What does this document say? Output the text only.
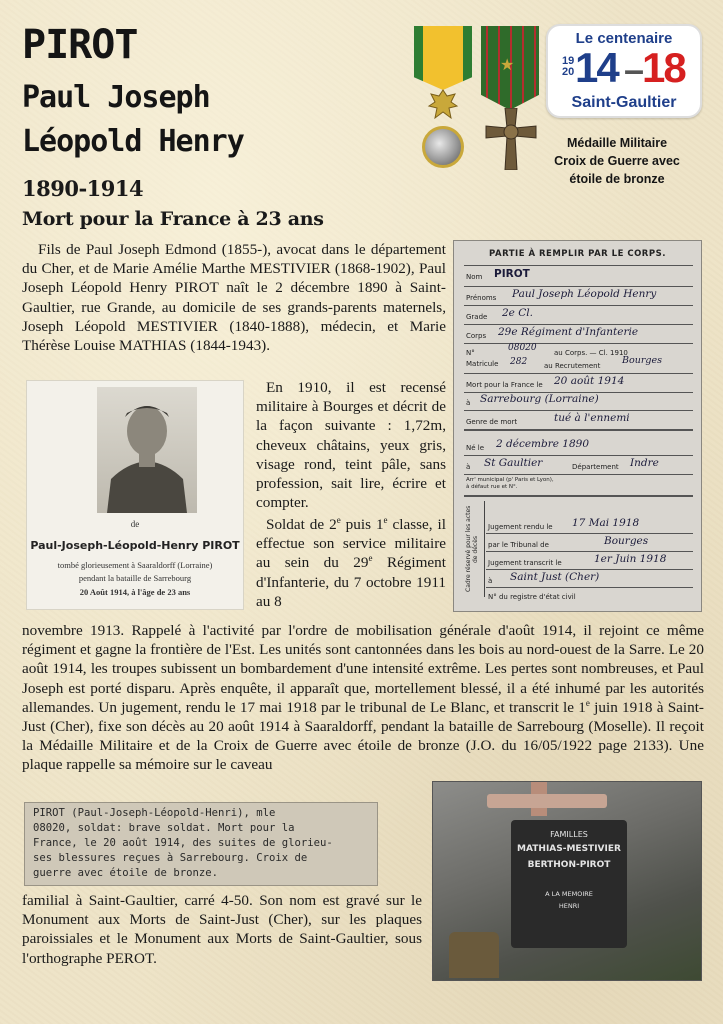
PIROT
Paul Joseph
Léopold Henry
1890-1914
Mort pour la France à 23 ans
★
Le centenaire
19
20 14 –
18
Saint-Gaultier
Médaille Militaire
Croix de Guerre avec
étoile de bronze

Fils de Paul Joseph Edmond (1855-), avocat dans le département du Cher, et de Marie Amélie Marthe MESTIVIER (1868-1902), Paul Joseph Léopold Henry PIROT naît le 2 décembre 1890 à Saint-Gaultier, rue Grande, au domicile de ses grands-parents maternels, Joseph Léopold MESTIVIER (1840-1888), médecin, et Marie Thérèse Louise MATHIAS (1844-1943).

de
Paul-Joseph-Léopold-Henry PIROT
tombé glorieusement à Saaraldorff (Lorraine)
pendant la bataille de Sarrebourg
20 Août 1914, à l'âge de 23 ans
PARTIE À REMPLIR PAR LE CORPS.
Nom PIROT
Prénoms Paul Joseph Léopold Henry
Grade 2e Cl.
Corps 29e Régiment d'Infanterie
N°
Matricule
08020 au Corps. — Cl. 1910
282 au Recrutement Bourges
Mort pour la France le 20 août 1914
à Sarrebourg (Lorraine)
Genre de mort	tué à l'ennemi
Né le 2 décembre 1890
à St Gaultier	Département Indre
Arr' municipal (p' Paris et Lyon), à défaut rue et N°.
Cadre réservé pour les actes de décès
Jugement rendu le 17 Mai 1918
par le Tribunal de	Bourges
Jugement transcrit le	1er Juin 1918
à Saint Just (Cher)
N° du registre d'état civil

En 1910, il est recensé militaire à Bourges et décrit de la façon suivante : 1,72m, cheveux châtains, yeux gris, visage rond, teint pâle, sans profession, sait lire, écrire et compter.

Soldat de 2e puis 1e classe, il effectue son service militaire au sein du 29e Régiment d'Infanterie, du 7 octobre 1911 au 8

novembre 1913. Rappelé à l'activité par l'ordre de mobilisation générale d'août 1914, il rejoint ce même régiment et gagne la frontière de l'Est. Les unités sont cantonnées dans les bois au nord-ouest de la Sarre. Le 20 août 1914, les troupes subissent un bombardement d'une intensité extrême. Les pertes sont nombreuses, et Paul Joseph est porté disparu. Après enquête, il apparaît que, mortellement blessé, il a été inhumé par les autorités allemandes. Un jugement, rendu le 17 mai 1918 par le tribunal de Le Blanc, et transcrit le 1e juin 1918 à Saint-Just (Cher), fixe son décès au 20 août 1914 à Saaraldorff, pendant la bataille de Sarrebourg (Moselle). Il reçoit la Médaille Militaire et de la Croix de Guerre avec étoile de bronze (J.O. du 16/05/1922 page 2133). Une plaque rappelle sa mémoire sur le caveau

PIROT (Paul-Joseph-Léopold-Henri), mle
08020, soldat: brave soldat. Mort pour la
France, le 20 août 1914, des suites de glorieu-
ses blessures reçues à Sarrebourg. Croix de
guerre avec étoile de bronze.
FAMILLES
MATHIAS-MESTIVIER
BERTHON-PIROT
A LA MEMOIRE
HENRI

familial à Saint-Gaultier, carré 4-50. Son nom est gravé sur le Monument aux Morts de Saint-Just (Cher), sur les plaques paroissiales et le Monument aux Morts de Saint-Gaultier, sous l'orthographe PEROT.
